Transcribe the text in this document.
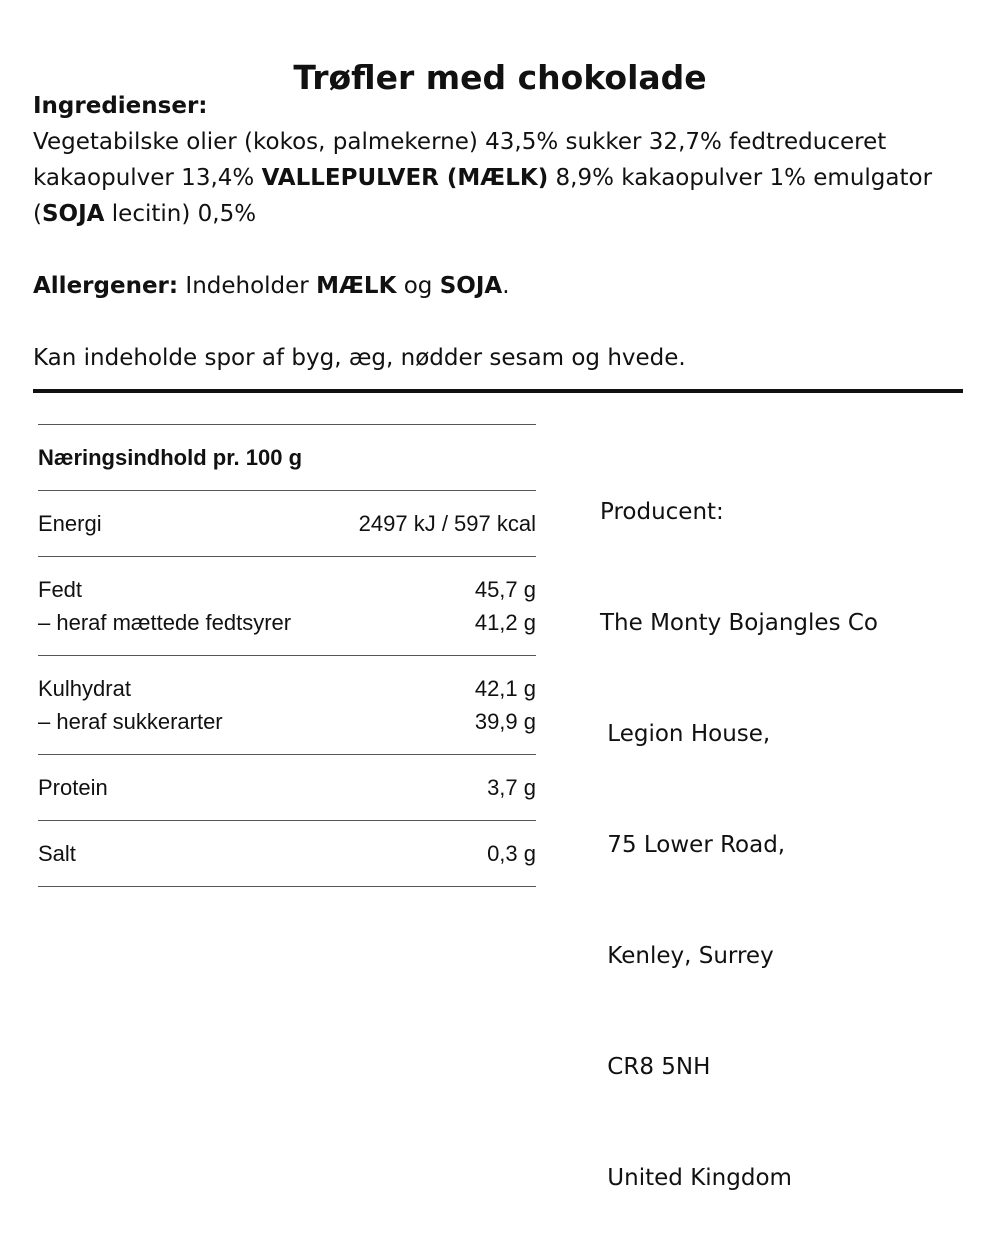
Trøfler med chokolade

Ingredienser:

Vegetabilske olier (kokos, palmekerne) 43,5% sukker 32,7% fedtreduceret
kakaopulver 13,4% VALLEPULVER (MÆLK) 8,9% kakaopulver 1% emulgator
(SOJA lecitin) 0,5%
Allergener: Indeholder MÆLK og SOJA.
Kan indeholde spor af byg, æg, nødder sesam og hvede.
Næringsindhold pr. 100 g
Energi	2497 kJ / 597 kcal
Fedt	45,7 g
– heraf mættede fedtsyrer	41,2 g
Kulhydrat	42,1 g
– heraf sukkerarter	39,9 g
Protein	3,7 g
Salt	0,3 g

Producent:

The Monty Bojangles Co

Legion House,

75 Lower Road,

Kenley, Surrey

CR8 5NH

United Kingdom
